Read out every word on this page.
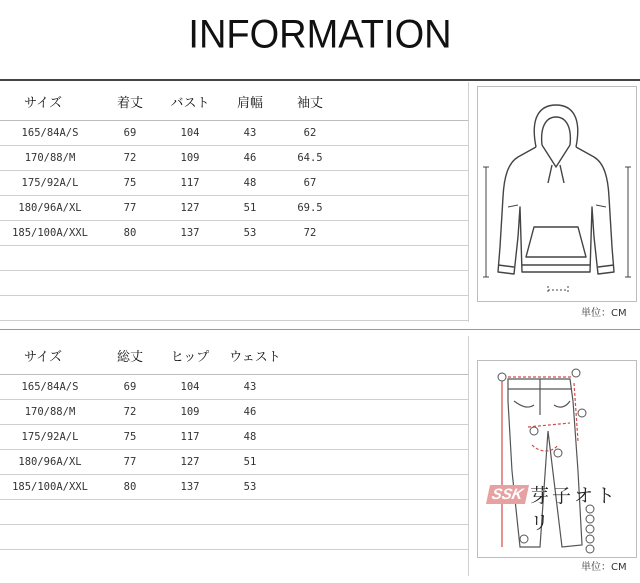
INFORMATION
サイズ	着丈	バスト	肩幅	袖丈
165/84A/S	69	104	43	62
170/88/M	72	109	46	64.5
175/92A/L	75	117	48	67
180/96A/XL	77	127	51	69.5
185/100A/XXL	80	137	53	72
単位：CM
サイズ	総丈	ヒップ	ウェスト
165/84A/S	69	104	43
170/88/M	72	109	46
175/92A/L	75	117	48
180/96A/XL	77	127	51
185/100A/XXL	80	137	53	SSK 芽子オトリ
単位：CM
